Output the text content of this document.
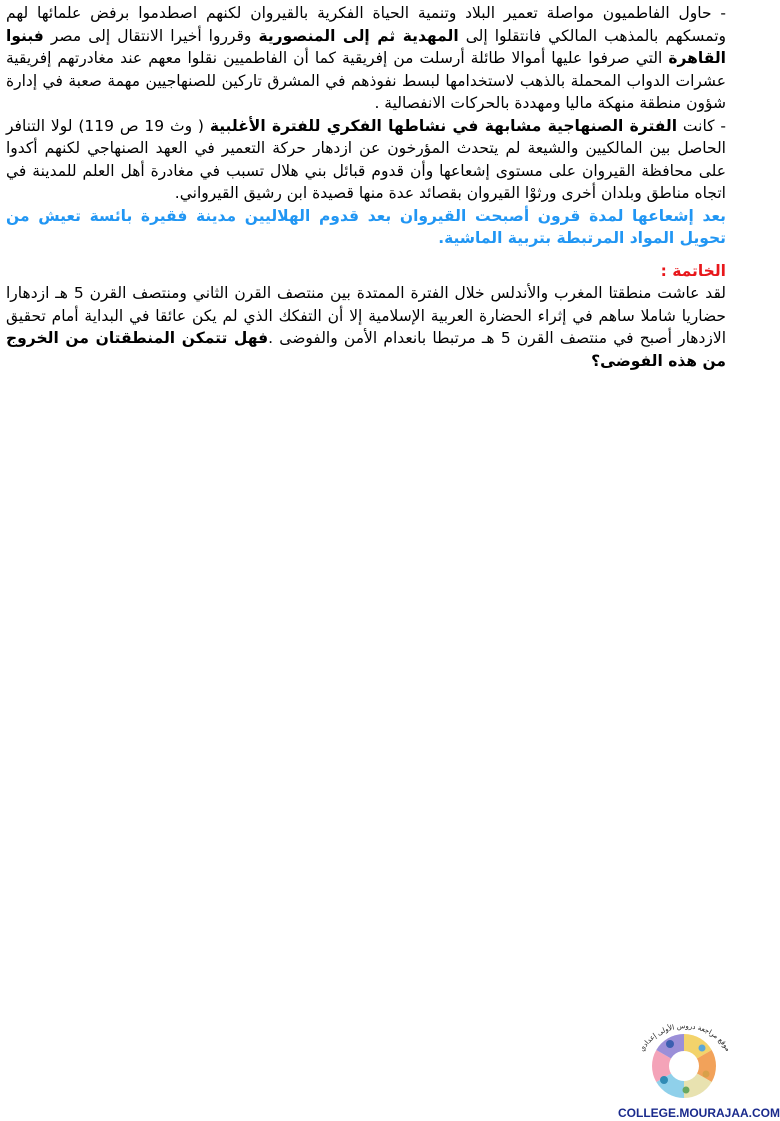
- حاول الفاطميون مواصلة تعمير البلاد وتنمية الحياة الفكرية بالقيروان لكنهم اصطدموا برفض علمائها لهم وتمسكهم بالمذهب المالكي فانتقلوا إلى المهدية ثم إلى المنصورية وقرروا أخيرا الانتقال إلى مصر فبنوا القاهرة التي صرفوا عليها أموالا طائلة أرسلت من إفريقية كما أن الفاطميين نقلوا معهم عند مغادرتهم إفريقية عشرات الدواب المحملة بالذهب لاستخدامها لبسط نفوذهم في المشرق تاركين للصنهاجيين مهمة صعبة في إدارة شؤون منطقة منهكة ماليا ومهددة بالحركات الانفصالية .

- كانت الفترة الصنهاجية مشابهة في نشاطها الفكري للفترة الأغلبية ( وث 19 ص 119) لولا التنافر الحاصل بين المالكيين والشيعة لم يتحدث المؤرخون عن ازدهار حركة التعمير في العهد الصنهاجي لكنهم أكدوا على محافظة القيروان على مستوى إشعاعها وأن قدوم قبائل بني هلال تسبب في مغادرة أهل العلم للمدينة في اتجاه مناطق وبلدان أخرى ورثوْا القيروان بقصائد عدة منها قصيدة ابن رشيق القيرواني.

بعد إشعاعها لمدة قرون أصبحت القيروان بعد قدوم الهلاليين مدينة فقيرة بائسة تعيش من تحويل المواد المرتبطة بتربية الماشية.

الخاتمة :

لقد عاشت منطقتا المغرب والأندلس خلال الفترة الممتدة بين منتصف القرن الثاني ومنتصف القرن 5 هـ ازدهارا حضاريا شاملا ساهم في إثراء الحضارة العربية الإسلامية إلا أن التفكك الذي لم يكن عائقا في البداية أمام تحقيق الازدهار أصبح في منتصف القرن 5 هـ مرتبطا بانعدام الأمن والفوضى .فهل تتمكن المنطقتان من الخروج من هذه الفوضى؟

موقع مراجعة دروس الأولى إعدادي
COLLEGE.MOURAJAA.COM
